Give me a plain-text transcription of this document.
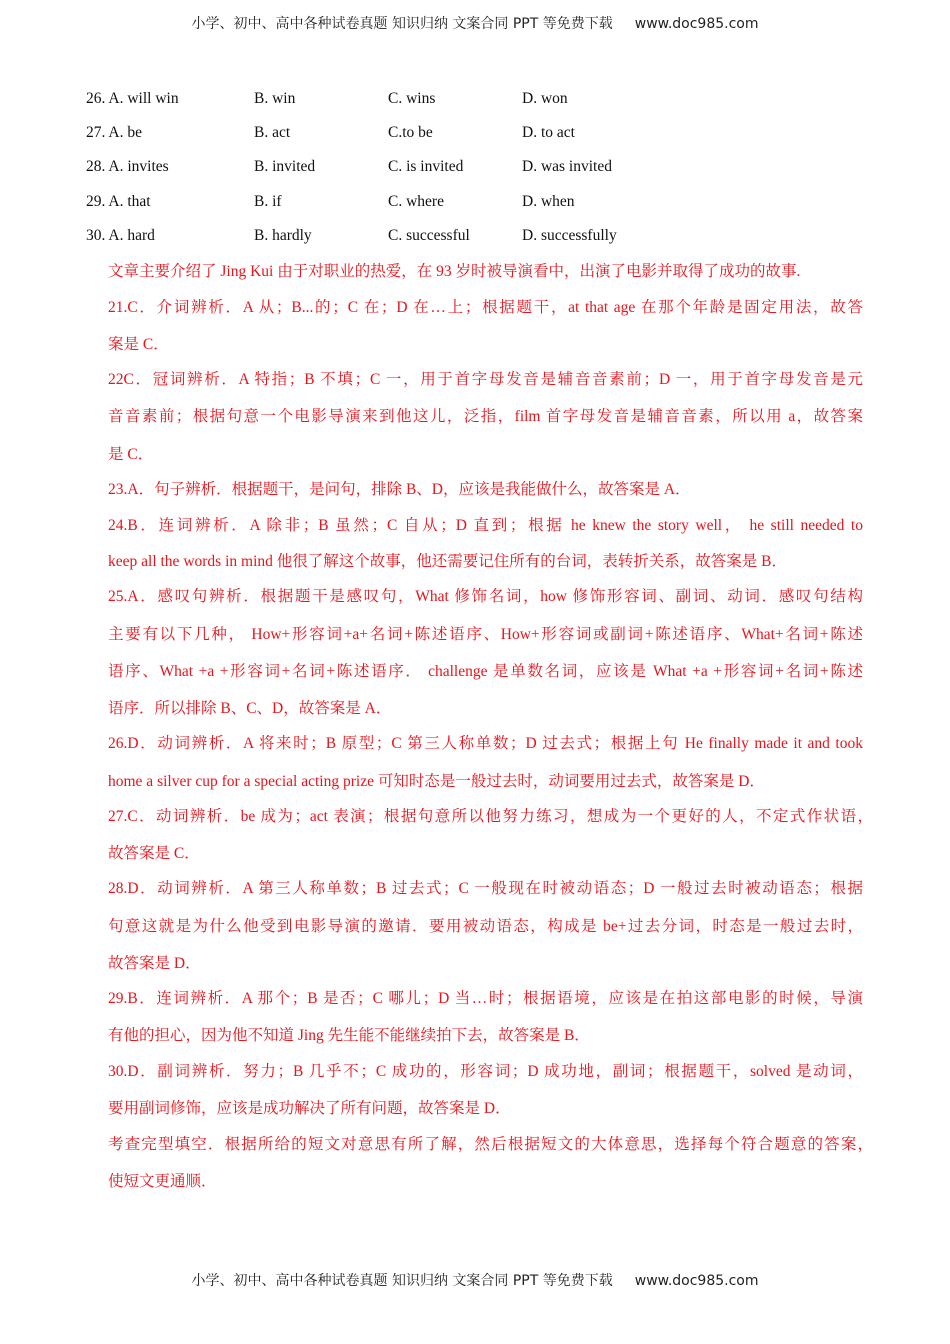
小学、初中、高中各种试卷真题 知识归纳 文案合同 PPT 等免费下载 www.doc985.com
26. A. will win	B. win	C. wins	D. won
27. A. be	B. act	C.to be	D. to act
28. A. invites	B. invited	C. is invited	D. was invited
29. A. that	B. if	C. where	D. when
30. A. hard	B. hardly	C. successful	D. successfully
文章主要介绍了 Jing Kui 由于对职业的热爱，在 93 岁时被导演看中，出演了电影并取得了成功的故事.
21.C．介词辨析．A 从；B...的；C 在；D 在…上；根据题干，at that age 在那个年龄是固定用法，故答
案是 C．
22C．冠词辨析．A 特指；B 不填；C 一，用于首字母发音是辅音音素前；D 一，用于首字母发音是元
音音素前；根据句意一个电影导演来到他这儿，泛指，film 首字母发音是辅音音素，所以用 a，故答案
是 C．
23.A．句子辨析．根据题干，是问句，排除 B、D，应该是我能做什么，故答案是 A．
24.B．连词辨析．A 除非；B 虽然；C 自从；D 直到；根据 he knew the story well， he still needed to
keep all the words in mind 他很了解这个故事，他还需要记住所有的台词，表转折关系，故答案是 B．
25.A．感叹句辨析．根据题干是感叹句，What 修饰名词，how 修饰形容词、副词、动词．感叹句结构
主要有以下几种， How+形容词+a+名词+陈述语序、How+形容词或副词+陈述语序、What+名词+陈述
语序、What +a +形容词+名词+陈述语序． challenge 是单数名词，应该是 What +a +形容词+名词+陈述
语序．所以排除 B、C、D，故答案是 A．
26.D．动词辨析．A 将来时；B 原型；C 第三人称单数；D 过去式；根据上句 He finally made it and took
home a silver cup for a special acting prize 可知时态是一般过去时，动词要用过去式，故答案是 D．
27.C．动词辨析．be 成为；act 表演；根据句意所以他努力练习，想成为一个更好的人，不定式作状语，
故答案是 C．
28.D．动词辨析．A 第三人称单数；B 过去式；C 一般现在时被动语态；D 一般过去时被动语态；根据
句意这就是为什么他受到电影导演的邀请．要用被动语态，构成是 be+过去分词，时态是一般过去时，
故答案是 D．
29.B．连词辨析．A 那个；B 是否；C 哪儿；D 当…时；根据语境，应该是在拍这部电影的时候，导演
有他的担心，因为他不知道 Jing 先生能不能继续拍下去，故答案是 B．
30.D．副词辨析．努力；B 几乎不；C 成功的，形容词；D 成功地，副词；根据题干，solved 是动词，
要用副词修饰，应该是成功解决了所有问题，故答案是 D．
考查完型填空．根据所给的短文对意思有所了解，然后根据短文的大体意思，选择每个符合题意的答案，
使短文更通顺．
小学、初中、高中各种试卷真题 知识归纳 文案合同 PPT 等免费下载 www.doc985.com
